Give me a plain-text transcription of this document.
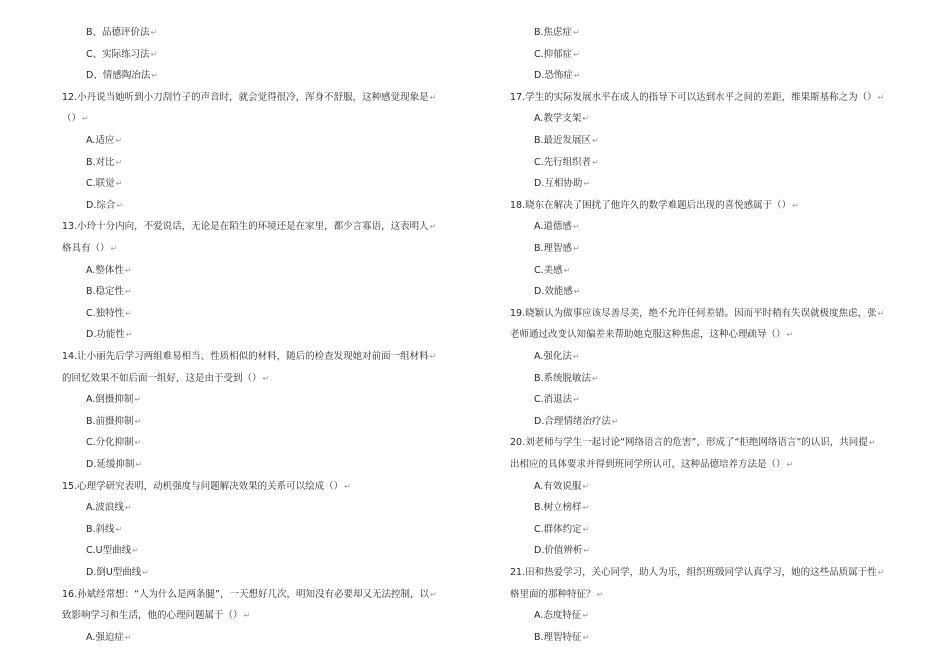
B、品德评价法↵
C、实际练习法↵
D、情感陶冶法↵
12.小丹说当她听到小刀刮竹子的声音时，就会觉得很冷，浑身不舒服，这种感觉现象是↵
（）↵
A.适应↵
B.对比↵
C.联觉↵
D.综合↵
13.小玲十分内向，不爱说话，无论是在陌生的环境还是在家里，都少言寡语，这表明人↵
格具有（）↵
A.整体性↵
B.稳定性↵
C.独特性↵
D.功能性↵
14.让小丽先后学习两组难易相当、性质相似的材料，随后的检查发现她对前面一组材料↵
的回忆效果不如后面一组好，这是由于受到（）↵
A.倒摄抑制↵
B.前摄抑制↵
C.分化抑制↵
D.延缓抑制↵
15.心理学研究表明，动机强度与问题解决效果的关系可以绘成（）↵
A.波浪线↵
B.斜线↵
C.U型曲线↵
D.倒U型曲线↵
16.孙斌经常想：“人为什么是两条腿”，一天想好几次，明知没有必要却又无法控制，以↵
致影响学习和生活，他的心理问题属于（）↵
A.强迫症↵
B.焦虑症↵
C.抑郁症↵
D.恐怖症↵
17.学生的实际发展水平在成人的指导下可以达到水平之间的差距，维果斯基称之为（）↵
A.教学支架↵
B.最近发展区↵
C.先行组织者↵
D.互相协助↵
18.晓东在解决了困扰了他许久的数学难题后出现的喜悦感属于（）↵
A.道德感↵
B.理智感↵
C.美感↵
D.效能感↵
19.晓颖认为做事应该尽善尽美，绝不允许任何差错。因而平时稍有失误就极度焦虑，张↵
老师通过改变认知偏差来帮助她克服这种焦虑，这种心理疏导（）↵
A.强化法↵
B.系统脱敏法↵
C.消退法↵
D.合理情绪治疗法↵
20.刘老师与学生一起讨论“网络语言的危害”，形成了“拒绝网络语言”的认识，共同提↵
出相应的具体要求并得到班同学所认可，这种品德培养方法是（）↵
A.有效说服↵
B.树立榜样↵
C.群体约定↵
D.价值辨析↵
21.田和热爱学习，关心同学，助人为乐，组织班级同学认真学习，她的这些品质属于性↵
格里面的那种特征？↵
A.态度特征↵
B.理智特征↵
